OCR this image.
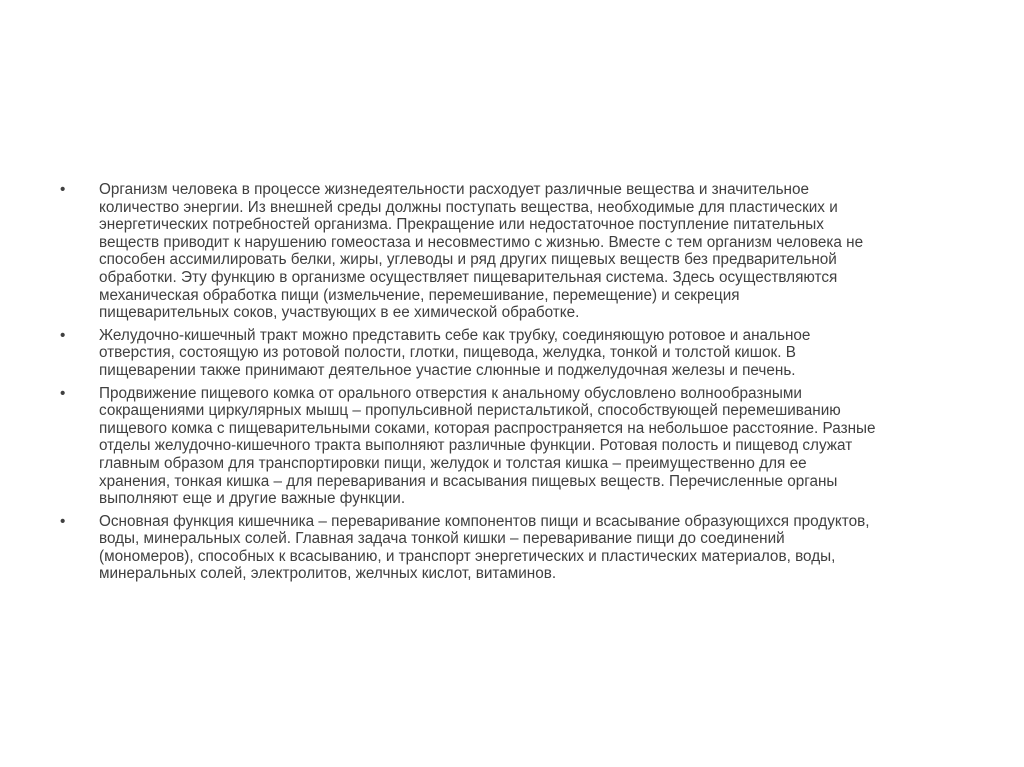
•	Организм человека в процессе жизнедеятельности расходует различные вещества и значительное
количество энергии. Из внешней среды должны поступать вещества, необходимые для пластических и
энергетических потребностей организма. Прекращение или недостаточное поступление питательных
веществ приводит к нарушению гомеостаза и несовместимо с жизнью. Вместе с тем организм человека не
способен ассимилировать белки, жиры, углеводы и ряд других пищевых веществ без предварительной
обработки. Эту функцию в организме осуществляет пищеварительная система. Здесь осуществляются
механическая обработка пищи (измельчение, перемешивание, перемещение) и секреция
пищеварительных соков, участвующих в ее химической обработке.
•	Желудочно-кишечный тракт можно представить себе как трубку, соединяющую ротовое и анальное
отверстия, состоящую из ротовой полости, глотки, пищевода, желудка, тонкой и толстой кишок. В
пищеварении также принимают деятельное участие слюнные и поджелудочная железы и печень.
•	Продвижение пищевого комка от орального отверстия к анальному обусловлено волнообразными
сокращениями циркулярных мышц – пропульсивной перистальтикой, способствующей перемешиванию
пищевого комка с пищеварительными соками, которая распространяется на небольшое расстояние. Разные
отделы желудочно-кишечного тракта выполняют различные функции. Ротовая полость и пищевод служат
главным образом для транспортировки пищи, желудок и толстая кишка – преимущественно для ее
хранения, тонкая кишка – для переваривания и всасывания пищевых веществ. Перечисленные органы
выполняют еще и другие важные функции.
•	Основная функция кишечника – переваривание компонентов пищи и всасывание образующихся продуктов,
воды, минеральных солей. Главная задача тонкой кишки – переваривание пищи до соединений
(мономеров), способных к всасыванию, и транспорт энергетических и пластических материалов, воды,
минеральных солей, электролитов, желчных кислот, витаминов.
